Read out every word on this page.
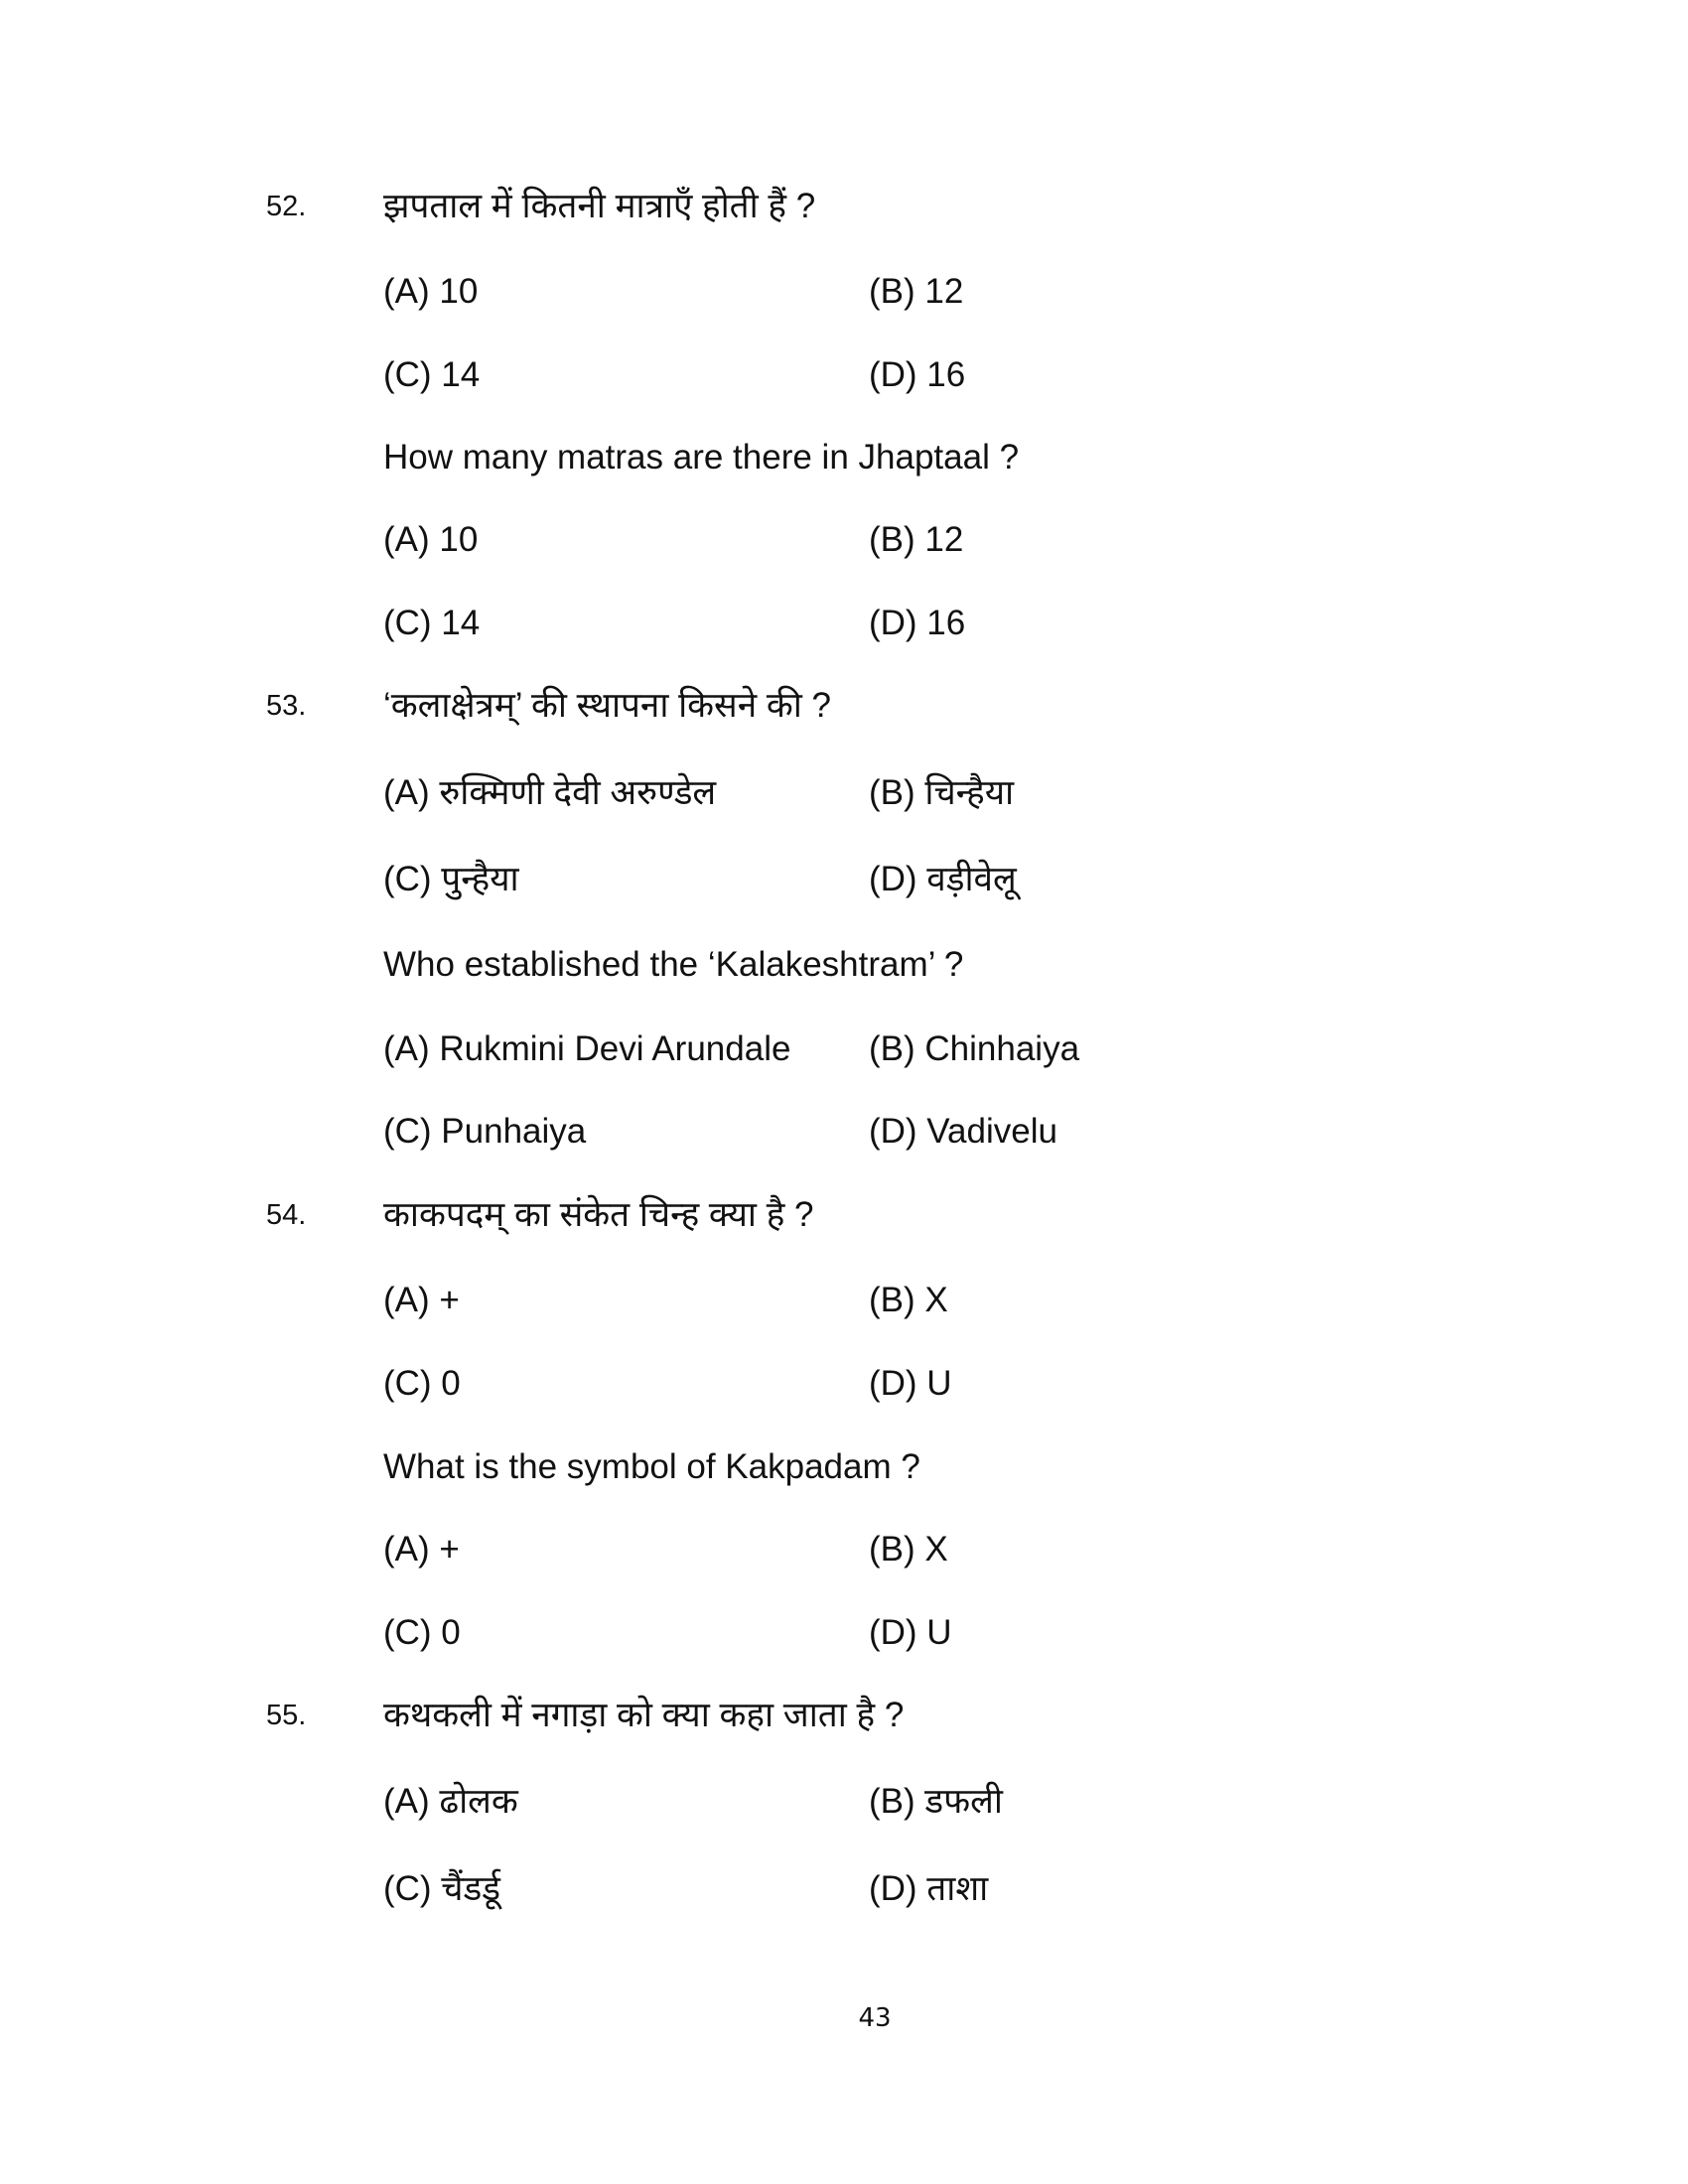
52. झपताल में कितनी मात्राएँ होती हैं ?
(A) 10	(B) 12
(C) 14	(D) 16
How many matras are there in Jhaptaal ?
(A) 10	(B) 12
(C) 14	(D) 16
53. ‘कलाक्षेत्रम्’ की स्थापना किसने की ?
(A) रुक्मिणी देवी अरुण्डेल	(B) चिन्हैया
(C) पुन्हैया	(D) वड़ीवेलू
Who established the ‘Kalakeshtram’ ?
(A) Rukmini Devi Arundale (B) Chinhaiya
(C) Punhaiya	(D) Vadivelu
54. काकपदम् का संकेत चिन्ह क्या है ?
(A) +	(B) X
(C) 0	(D) U
What is the symbol of Kakpadam ?
(A) +	(B) X
(C) 0	(D) U
55. कथकली में नगाड़ा को क्या कहा जाता है ?
(A) ढोलक	(B) डफली
(C) चैंडर्डू	(D) ताशा
43
